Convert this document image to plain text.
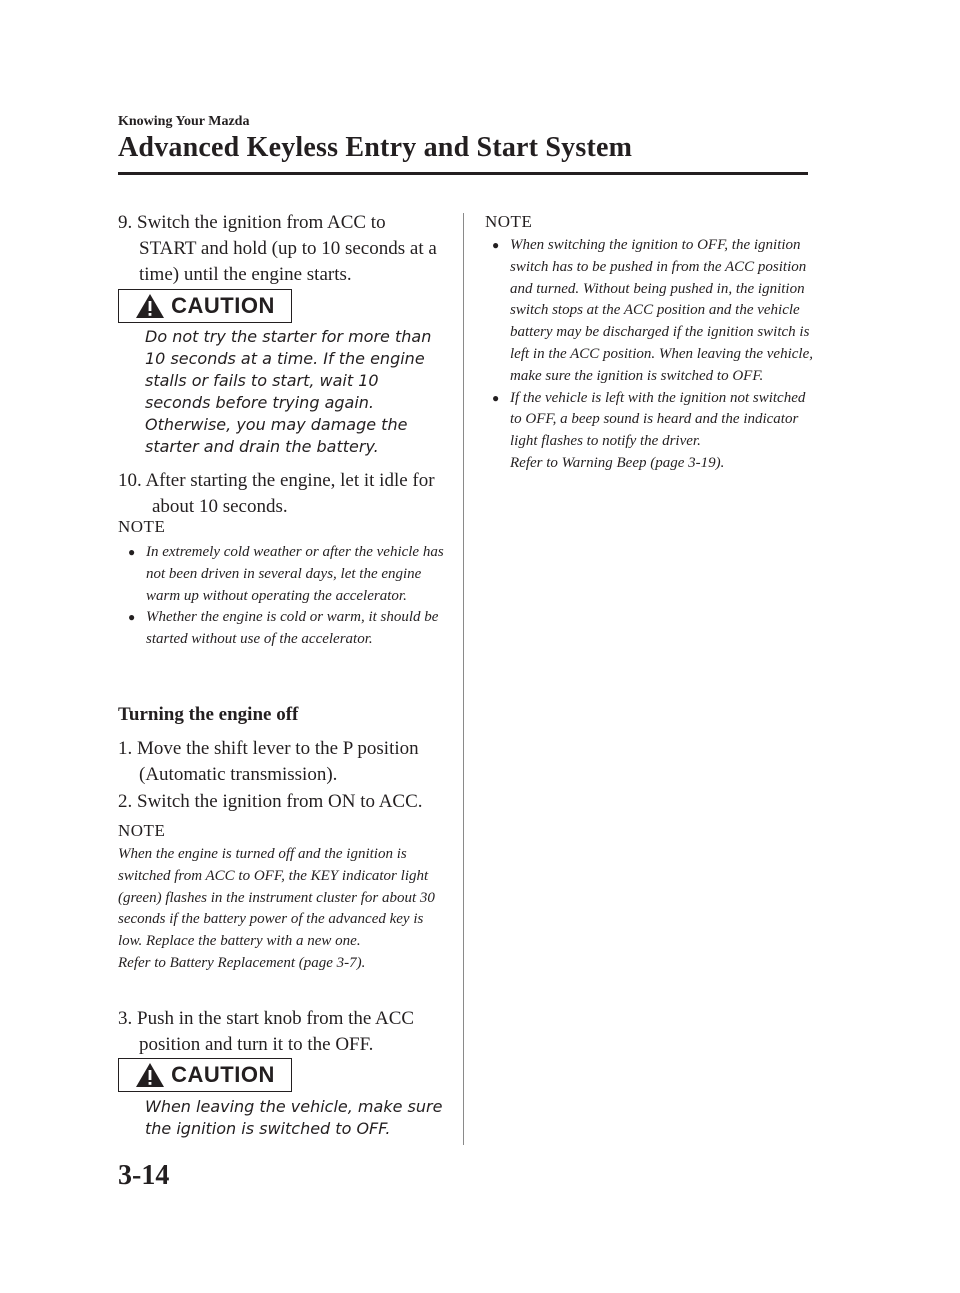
Knowing Your Mazda
Advanced Keyless Entry and Start System
9. Switch the ignition from ACC to START and hold (up to 10 seconds at a time) until the engine starts.
CAUTION
Do not try the starter for more than 10 seconds at a time. If the engine stalls or fails to start, wait 10 seconds before trying again. Otherwise, you may damage the starter and drain the battery.
10. After starting the engine, let it idle for about 10 seconds.
NOTE

● In extremely cold weather or after the vehicle has not been driven in several days, let the engine warm up without operating the accelerator.

● Whether the engine is cold or warm, it should be started without use of the accelerator.

Turning the engine off
1. Move the shift lever to the P position (Automatic transmission).
2. Switch the ignition from ON to ACC.
NOTE

When the engine is turned off and the ignition is switched from ACC to OFF, the KEY indicator light (green) flashes in the instrument cluster for about 30 seconds if the battery power of the advanced key is low. Replace the battery with a new one.

Refer to Battery Replacement (page 3-7).

3. Push in the start knob from the ACC position and turn it to the OFF.
CAUTION
When leaving the vehicle, make sure the ignition is switched to OFF.
NOTE

● When switching the ignition to OFF, the ignition switch has to be pushed in from the ACC position and turned. Without being pushed in, the ignition switch stops at the ACC position and the vehicle battery may be discharged if the ignition switch is left in the ACC position. When leaving the vehicle, make sure the ignition is switched to OFF.

● If the vehicle is left with the ignition not switched to OFF, a beep sound is heard and the indicator light flashes to notify the driver.

Refer to Warning Beep (page 3-19).

3-14
